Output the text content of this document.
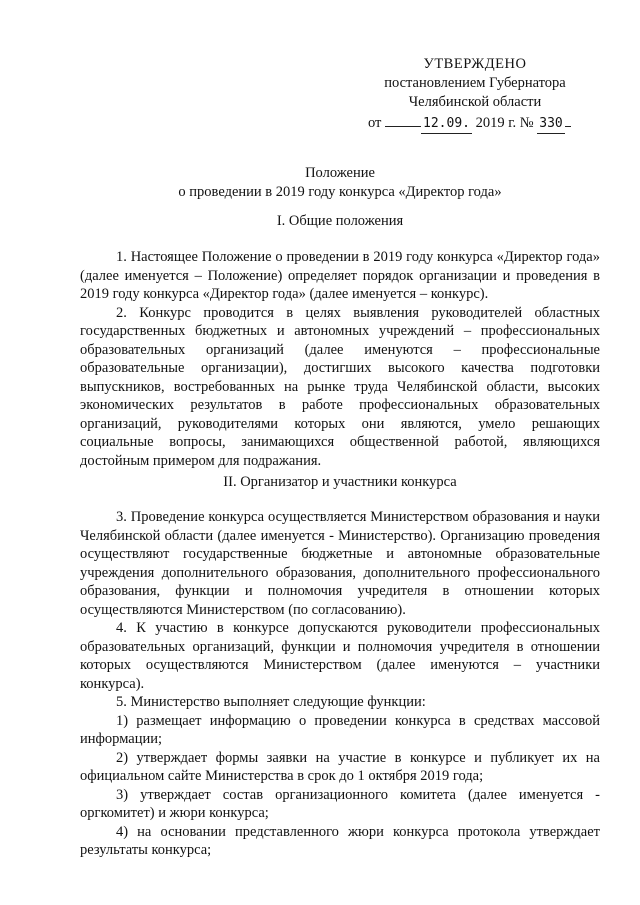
УТВЕРЖДЕНО
постановлением Губернатора
Челябинской области
от	12.09. 2019 г. № 330
Положение
о проведении в 2019 году конкурса «Директор года»
I. Общие положения

1. Настоящее Положение о проведении в 2019 году конкурса «Директор года» (далее именуется – Положение) определяет порядок организации и проведения в 2019 году конкурса «Директор года» (далее именуется – конкурс).

2. Конкурс проводится в целях выявления руководителей областных государственных бюджетных и автономных учреждений – профессиональных образовательных организаций (далее именуются – профессиональные образовательные организации), достигших высокого качества подготовки выпускников, востребованных на рынке труда Челябинской области, высоких экономических результатов в работе профессиональных образовательных организаций, руководителями которых они являются, умело решающих социальные вопросы, занимающихся общественной работой, являющихся достойным примером для подражания.

II. Организатор и участники конкурса

3. Проведение конкурса осуществляется Министерством образования и науки Челябинской области (далее именуется - Министерство). Организацию проведения осуществляют государственные бюджетные и автономные образовательные учреждения дополнительного образования, дополнительного профессионального образования, функции и полномочия учредителя в отношении которых осуществляются Министерством (по согласованию).

4. К участию в конкурсе допускаются руководители профессиональных образовательных организаций, функции и полномочия учредителя в отношении которых осуществляются Министерством (далее именуются – участники конкурса).

5. Министерство выполняет следующие функции:

1) размещает информацию о проведении конкурса в средствах массовой информации;

2) утверждает формы заявки на участие в конкурсе и публикует их на официальном сайте Министерства в срок до 1 октября 2019 года;

3) утверждает состав организационного комитета (далее именуется - оргкомитет) и жюри конкурса;

4) на основании представленного жюри конкурса протокола утверждает результаты конкурса;
